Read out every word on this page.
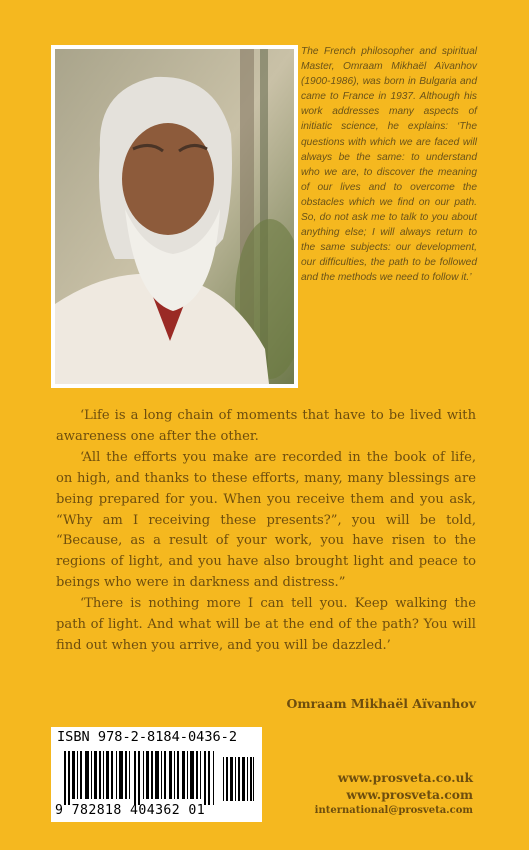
The French philosopher and spiritual Master, Omraam Mikhaël Aïvanhov (1900-1986), was born in Bulgaria and came to France in 1937. Although his work addresses many aspects of initiatic science, he explains: ‘The questions with which we are faced will always be the same: to understand who we are, to discover the meaning of our lives and to overcome the obstacles which we find on our path. So, do not ask me to talk to you about anything else; I will always return to the same subjects: our development, our difficulties, the path to be followed and the methods we need to follow it.’

‘Life is a long chain of moments that have to be lived with awareness one after the other.

‘All the efforts you make are recorded in the book of life, on high, and thanks to these efforts, many, many blessings are being prepared for you. When you receive them and you ask, “Why am I receiving these presents?”, you will be told, “Because, as a result of your work, you have risen to the regions of light, and you have also brought light and peace to beings who were in darkness and distress.”

‘There is nothing more I can tell you. Keep walking the path of light. And what will be at the end of the path? You will find out when you arrive, and you will be dazzled.’

Omraam Mikhaël Aïvanhov

ISBN 978-2-8184-0436-2

9 782818 404362 01

www.prosveta.co.uk
www.prosveta.com
international@prosveta.com
